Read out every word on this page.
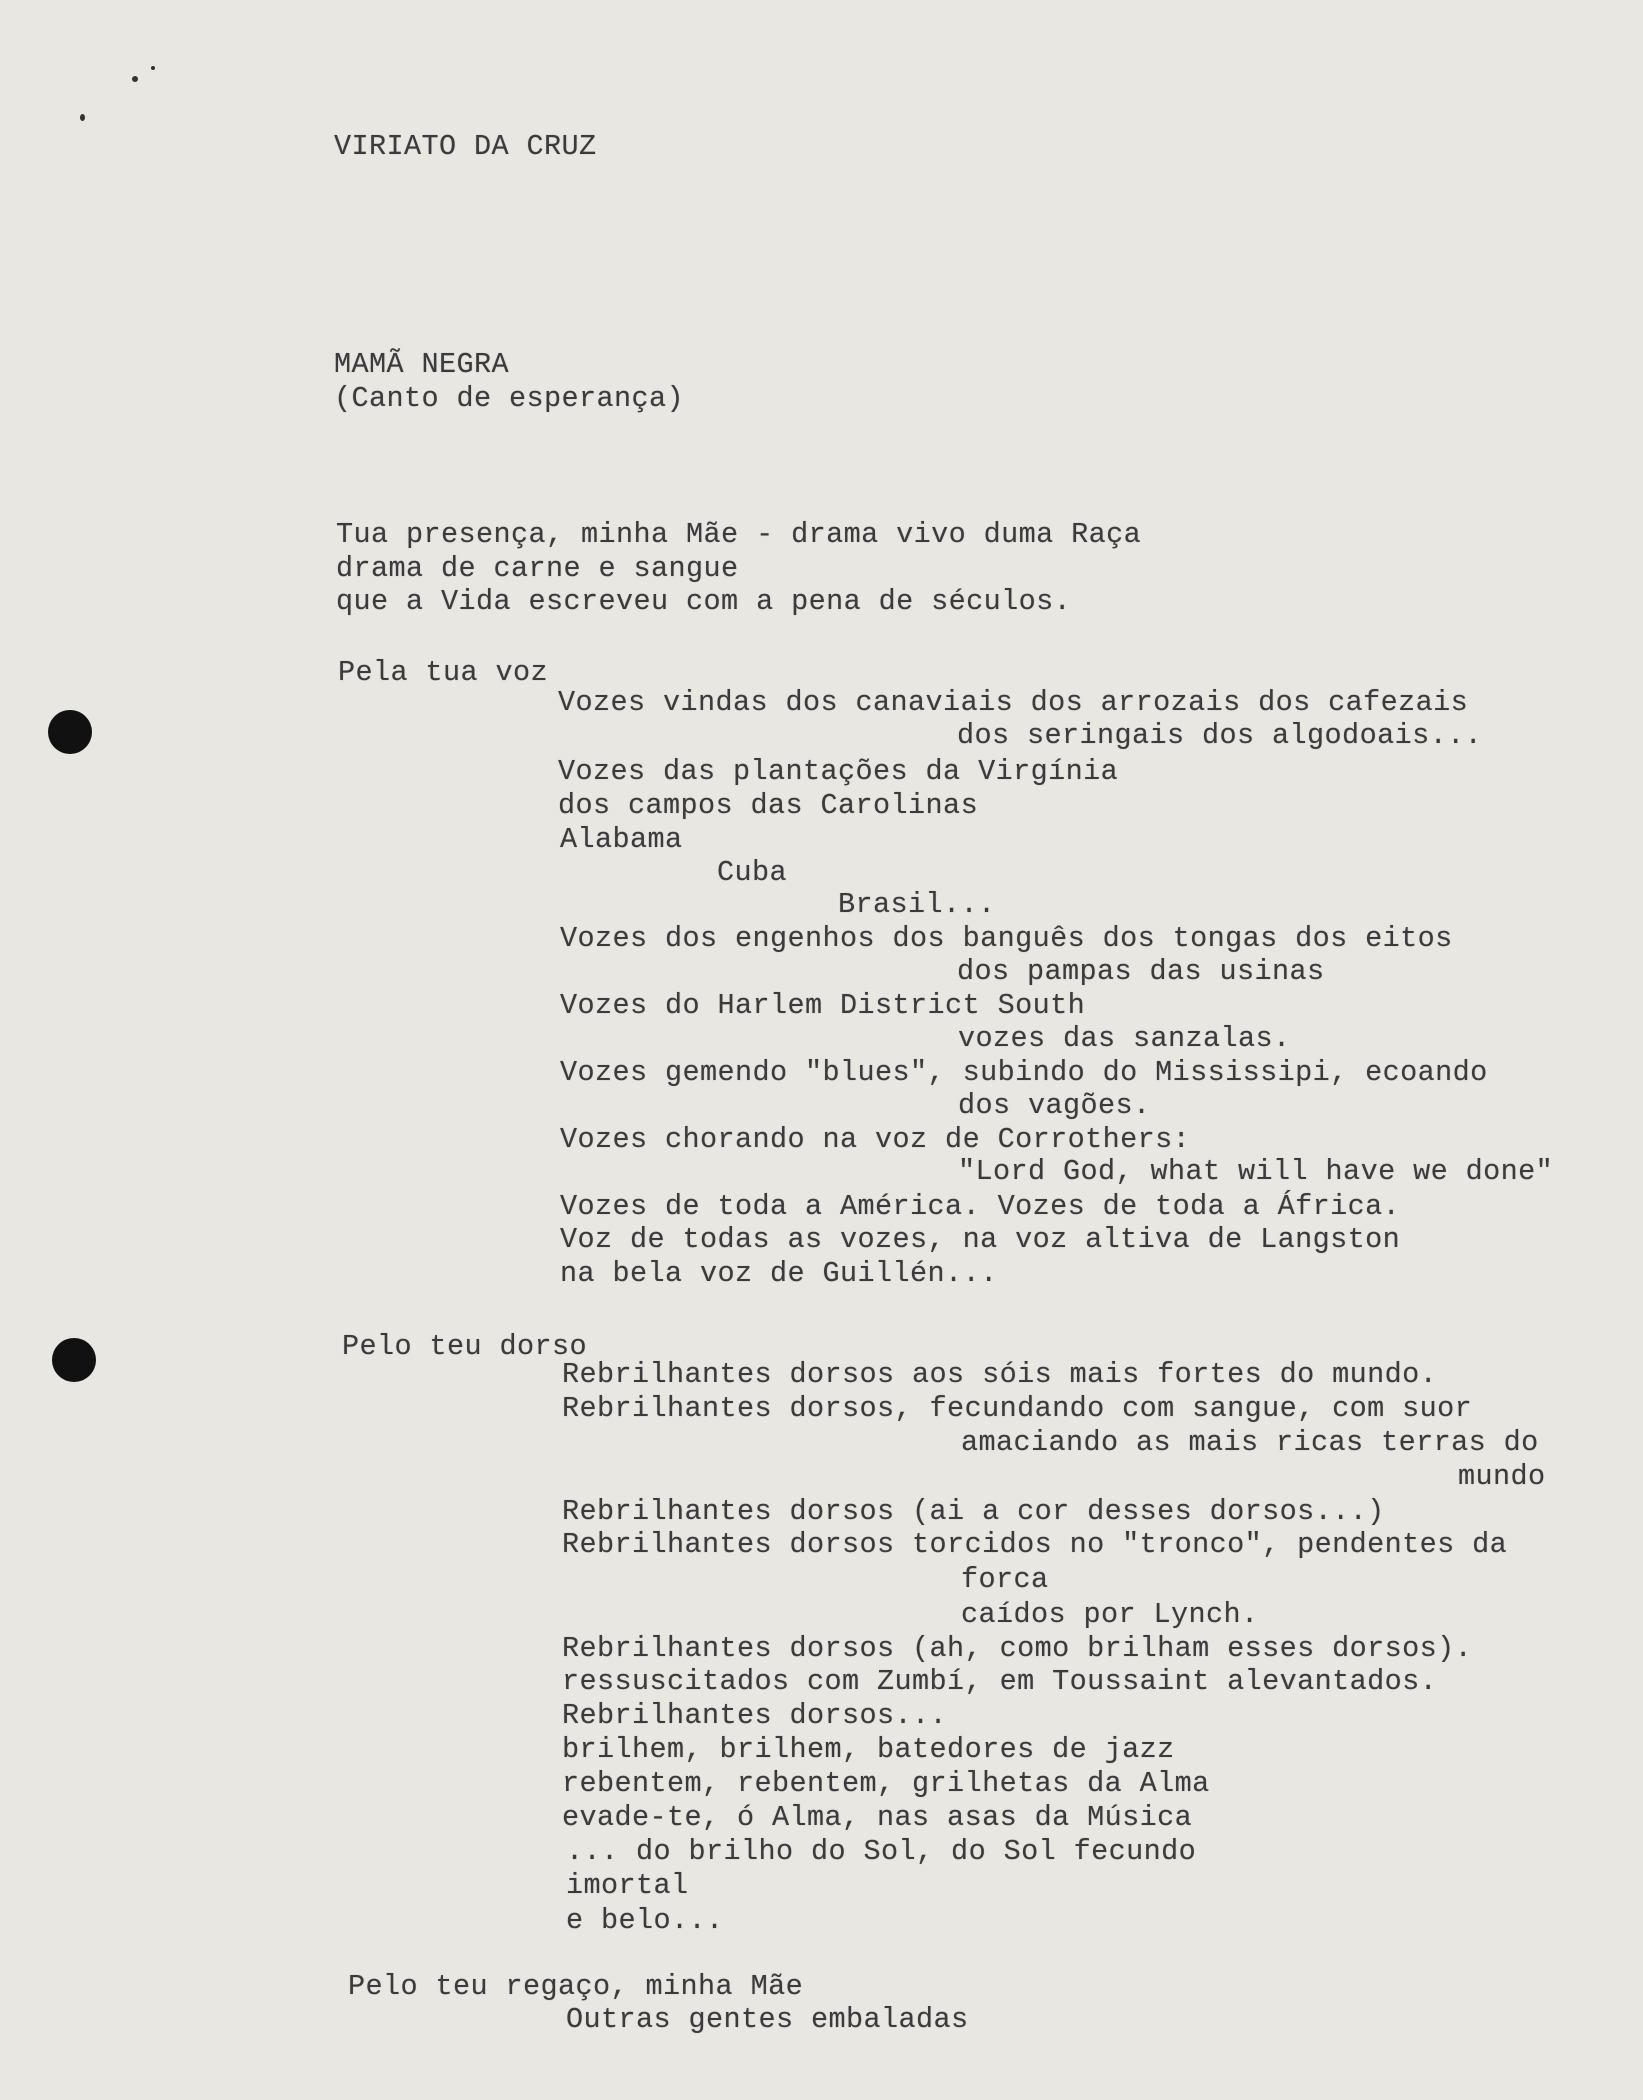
VIRIATO DA CRUZ
MAMÃ NEGRA
(Canto de esperança)
Tua presença, minha Mãe - drama vivo duma Raça
drama de carne e sangue
que a Vida escreveu com a pena de séculos.
Pela tua voz
Vozes vindas dos canaviais dos arrozais dos cafezais
dos seringais dos algodoais...
Vozes das plantações da Virgínia
dos campos das Carolinas
Alabama
Cuba
Brasil...
Vozes dos engenhos dos banguês dos tongas dos eitos
dos pampas das usinas
Vozes do Harlem District South
vozes das sanzalas.
Vozes gemendo "blues", subindo do Mississipi, ecoando
dos vagões.
Vozes chorando na voz de Corrothers:
"Lord God, what will have we done"
Vozes de toda a América. Vozes de toda a África.
Voz de todas as vozes, na voz altiva de Langston
na bela voz de Guillén...
Pelo teu dorso
Rebrilhantes dorsos aos sóis mais fortes do mundo.
Rebrilhantes dorsos, fecundando com sangue, com suor
amaciando as mais ricas terras do
mundo
Rebrilhantes dorsos (ai a cor desses dorsos...)
Rebrilhantes dorsos torcidos no "tronco", pendentes da
forca
caídos por Lynch.
Rebrilhantes dorsos (ah, como brilham esses dorsos).
ressuscitados com Zumbí, em Toussaint alevantados.
Rebrilhantes dorsos...
brilhem, brilhem, batedores de jazz
rebentem, rebentem, grilhetas da Alma
evade-te, ó Alma, nas asas da Música
... do brilho do Sol, do Sol fecundo
imortal
e belo...
Pelo teu regaço, minha Mãe
Outras gentes embaladas
